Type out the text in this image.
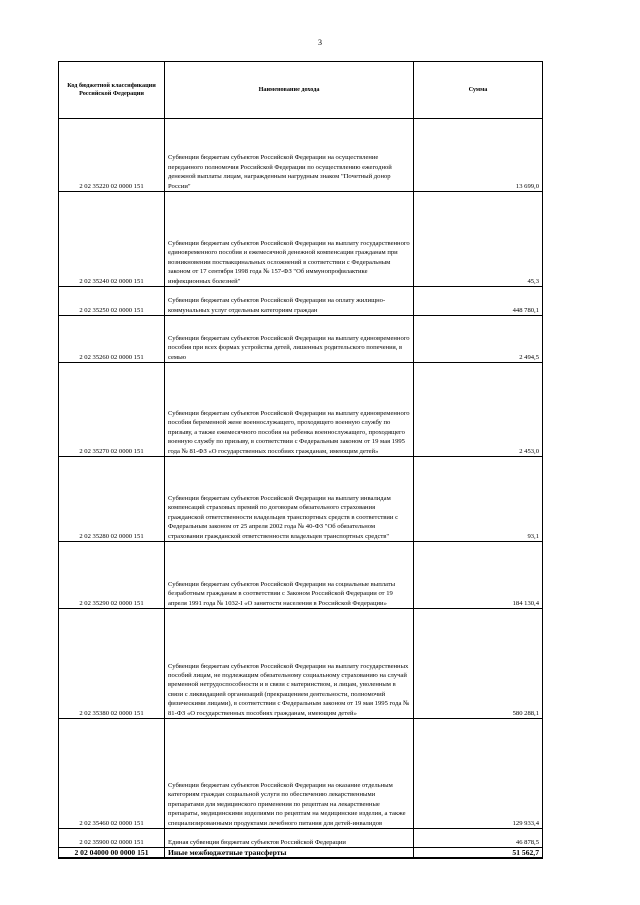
3
Код бюджетной классификации Российской Федерации	Наименование дохода	Сумма
2 02 35220 02 0000 151	Субвенции бюджетам субъектов Российской Федерации на осуществление переданного полномочия Российской Федерации по осуществлению ежегодной денежной выплаты лицам, награжденным нагрудным знаком "Почетный донор России"	13 699,0
2 02 35240 02 0000 151	Субвенции бюджетам субъектов Российской Федерации на выплату государственного единовременного пособия и ежемесячной денежной компенсации гражданам при возникновении поствакцинальных осложнений в соответствии с Федеральным законом от 17 сентября 1998 года № 157-ФЗ "Об иммунопрофилактике инфекционных болезней"	45,3
2 02 35250 02 0000 151	Субвенции бюджетам субъектов Российской Федерации на оплату жилищно-коммунальных услуг отдельным категориям граждан	448 780,1
2 02 35260 02 0000 151	Субвенции бюджетам субъектов Российской Федерации на выплату единовременного пособия при всех формах устройства детей, лишенных родительского попечения, в семью	2 494,5
2 02 35270 02 0000 151	Субвенции бюджетам субъектов Российской Федерации на выплату единовременного пособия беременной жене военнослужащего, проходящего военную службу по призыву, а также ежемесячного пособия на ребенка военнослужащего, проходящего военную службу по призыву, в соответствии с Федеральным законом от 19 мая 1995 года № 81-ФЗ «О государственных пособиях гражданам, имеющим детей»	2 453,0
2 02 35280 02 0000 151	Субвенции бюджетам субъектов Российской Федерации на выплату инвалидам компенсаций страховых премий по договорам обязательного страхования гражданской ответственности владельцев транспортных средств в соответствии с Федеральным законом от 25 апреля 2002 года № 40-ФЗ "Об обязательном страховании гражданской ответственности владельцев транспортных средств"	93,1
2 02 35290 02 0000 151	Субвенции бюджетам субъектов Российской Федерации на социальные выплаты безработным гражданам в соответствии с Законом Российской Федерации от 19 апреля 1991 года № 1032-I «О занятости населения в Российской Федерации»	184 130,4
2 02 35380 02 0000 151	Субвенции бюджетам субъектов Российской Федерации на выплату государственных пособий лицам, не подлежащим обязательному социальному страхованию на случай временной нетрудоспособности и в связи с материнством, и лицам, уволенным в связи с ликвидацией организаций (прекращением деятельности, полномочий физическими лицами), в соответствии с Федеральным законом от 19 мая 1995 года № 81-ФЗ «О государственных пособиях гражданам, имеющим детей»	580 288,1
2 02 35460 02 0000 151	Субвенции бюджетам субъектов Российской Федерации на оказание отдельным категориям граждан социальной услуги по обеспечению лекарственными препаратами для медицинского применения по рецептам на лекарственные препараты, медицинскими изделиями по рецептам на медицинские изделия, а также специализированными продуктами лечебного питания для детей-инвалидов	129 933,4
2 02 35900 02 0000 151	Единая субвенция бюджетам субъектов Российской Федерации	46 878,5
2 02 04000 00 0000 151	Иные межбюджетные трансферты	51 562,7
